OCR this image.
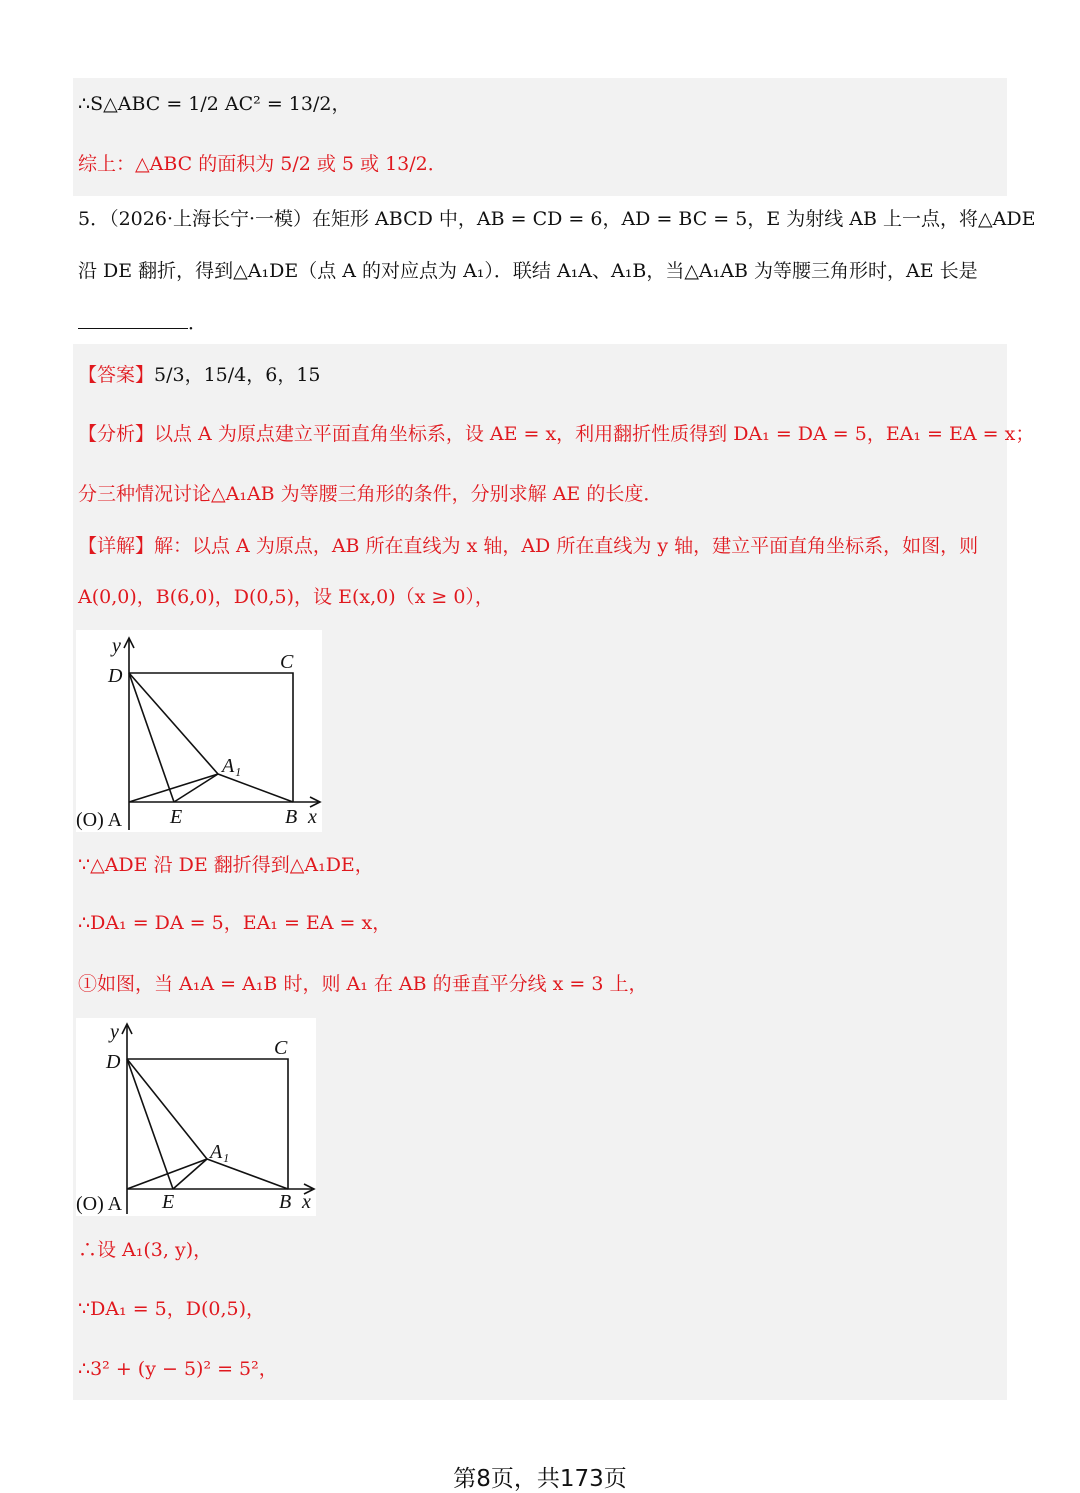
∴S△ABC = 1/2 AC² = 13/2，
综上：△ABC 的面积为 5/2 或 5 或 13/2．
5．（2026·上海长宁·一模）在矩形 ABCD 中，AB = CD = 6，AD = BC = 5，E 为射线 AB 上一点，将△ADE
沿 DE 翻折，得到△A₁DE（点 A 的对应点为 A₁）．联结 A₁A、A₁B，当△A₁AB 为等腰三角形时，AE 长是
．
【答案】5/3，15/4，6，15
【分析】以点 A 为原点建立平面直角坐标系，设 AE = x，利用翻折性质得到 DA₁ = DA = 5，EA₁ = EA = x；
分三种情况讨论△A₁AB 为等腰三角形的条件，分别求解 AE 的长度．
【详解】解：以点 A 为原点，AB 所在直线为 x 轴，AD 所在直线为 y 轴，建立平面直角坐标系，如图，则
A(0,0)，B(6,0)，D(0,5)，设 E(x,0)（x ≥ 0），
y
D
C
A₁
(O) A E	B x
∵△ADE 沿 DE 翻折得到△A₁DE，
∴DA₁ = DA = 5，EA₁ = EA = x，
①如图，当 A₁A = A₁B 时，则 A₁ 在 AB 的垂直平分线 x = 3 上，
y
D
C
A₁
(O) A E	B x
∴设 A₁(3, y)，
∵DA₁ = 5，D(0,5)，
∴3² + (y − 5)² = 5²，
第8页，共173页
